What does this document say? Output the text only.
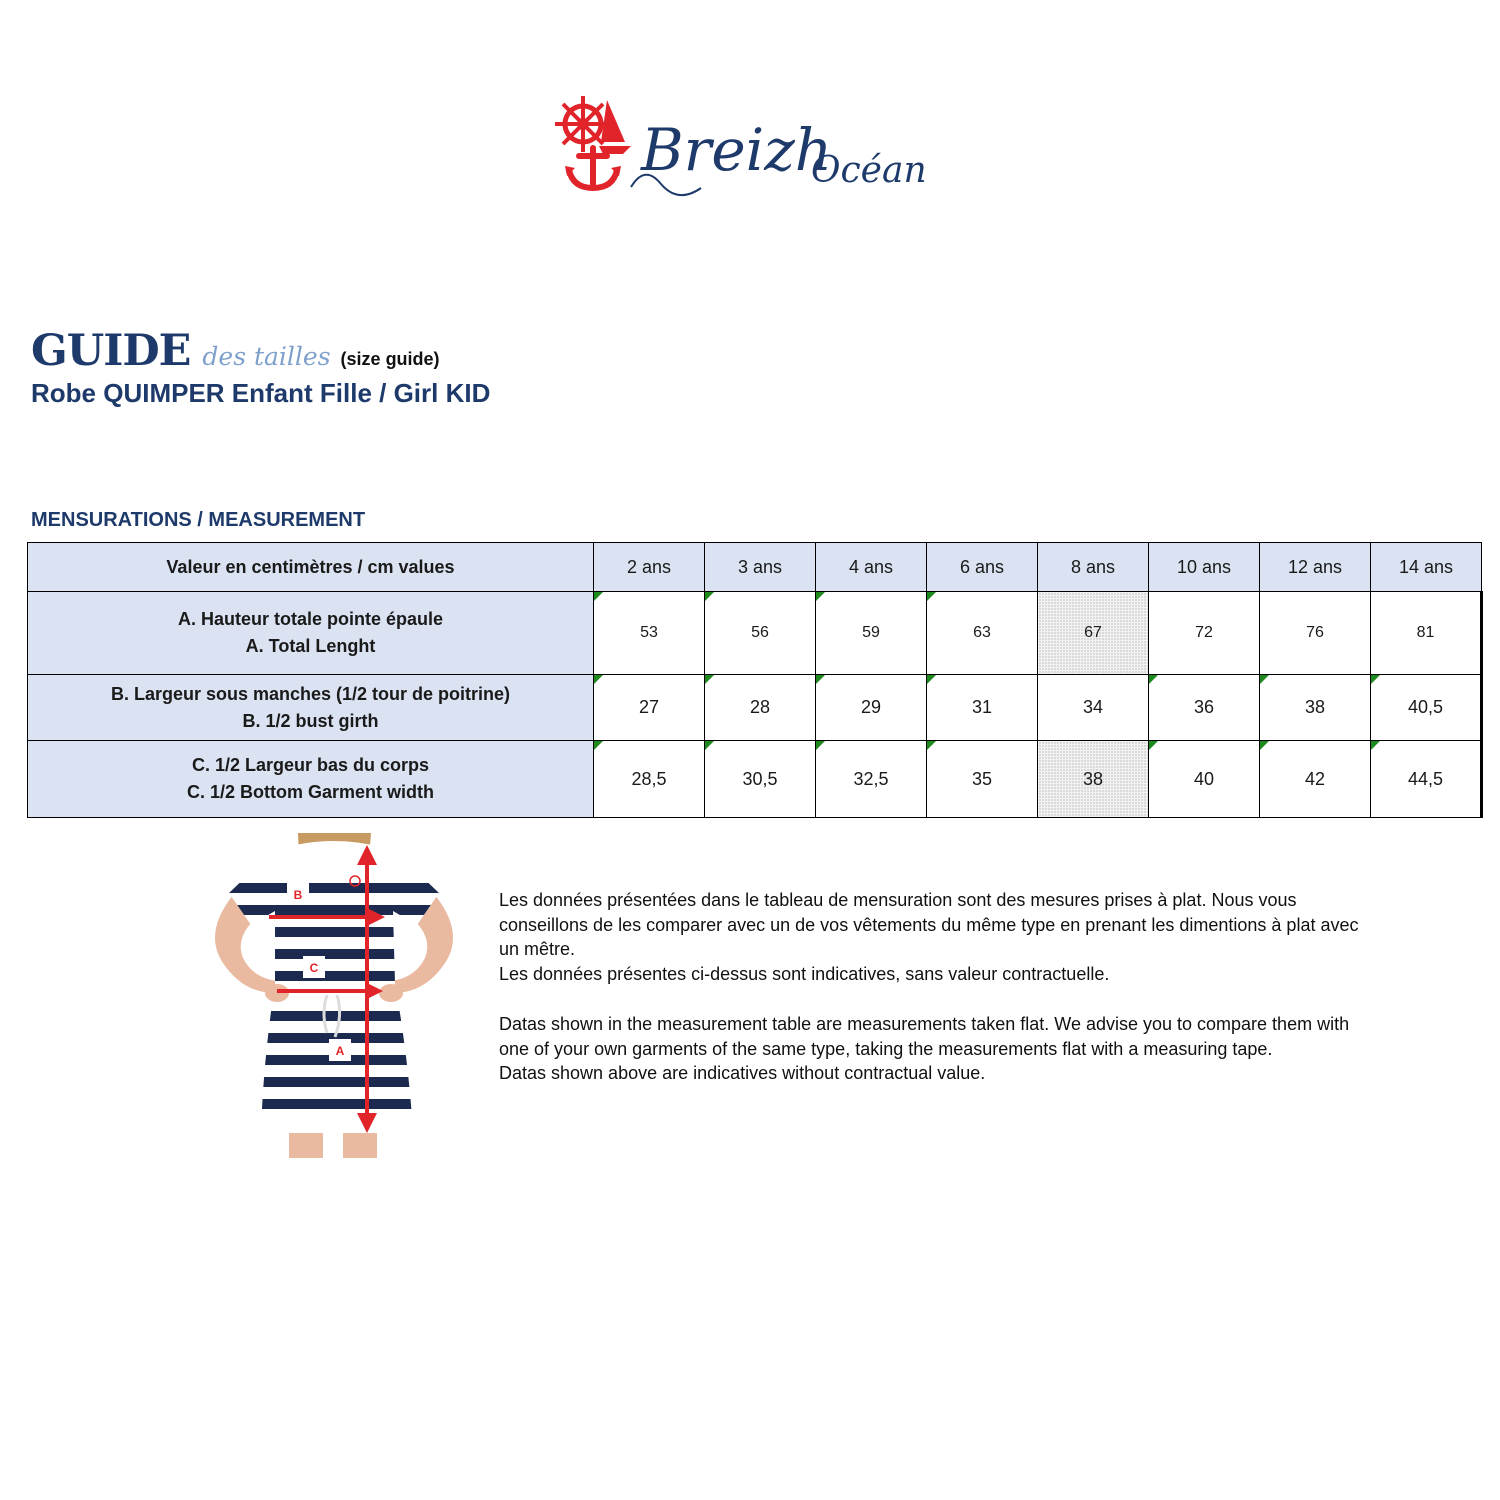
Breizh
Océan
GUIDE des tailles (size guide)
Robe QUIMPER Enfant Fille / Girl KID
MENSURATIONS / MEASUREMENT
Valeur en centimètres / cm values	2 ans	3 ans	4 ans	6 ans	8 ans	10 ans	12 ans	14 ans

A. Hauteur totale pointe épaule
A. Total Lenght	53	56	59	63	67	72	76	81

B. Largeur sous manches (1/2 tour de poitrine)
B. 1/2 bust girth	27	28	29	31	34	36	38	40,5

C. 1/2 Largeur bas du corps
C. 1/2 Bottom Garment width	28,5	30,5	32,5	35	38	40	42	44,5
B
C
A

Les données présentées dans le tableau de mensuration sont des mesures prises à plat. Nous vous conseillons de les comparer avec un de vos vêtements du même type en prenant les dimentions à plat avec un mêtre.

Les données présentes ci-dessus sont indicatives, sans valeur contractuelle.

Datas shown in the measurement table are measurements taken flat. We advise you to compare them with one of your own garments of the same type, taking the measurements flat with a measuring tape.

Datas shown above are indicatives without contractual value.
